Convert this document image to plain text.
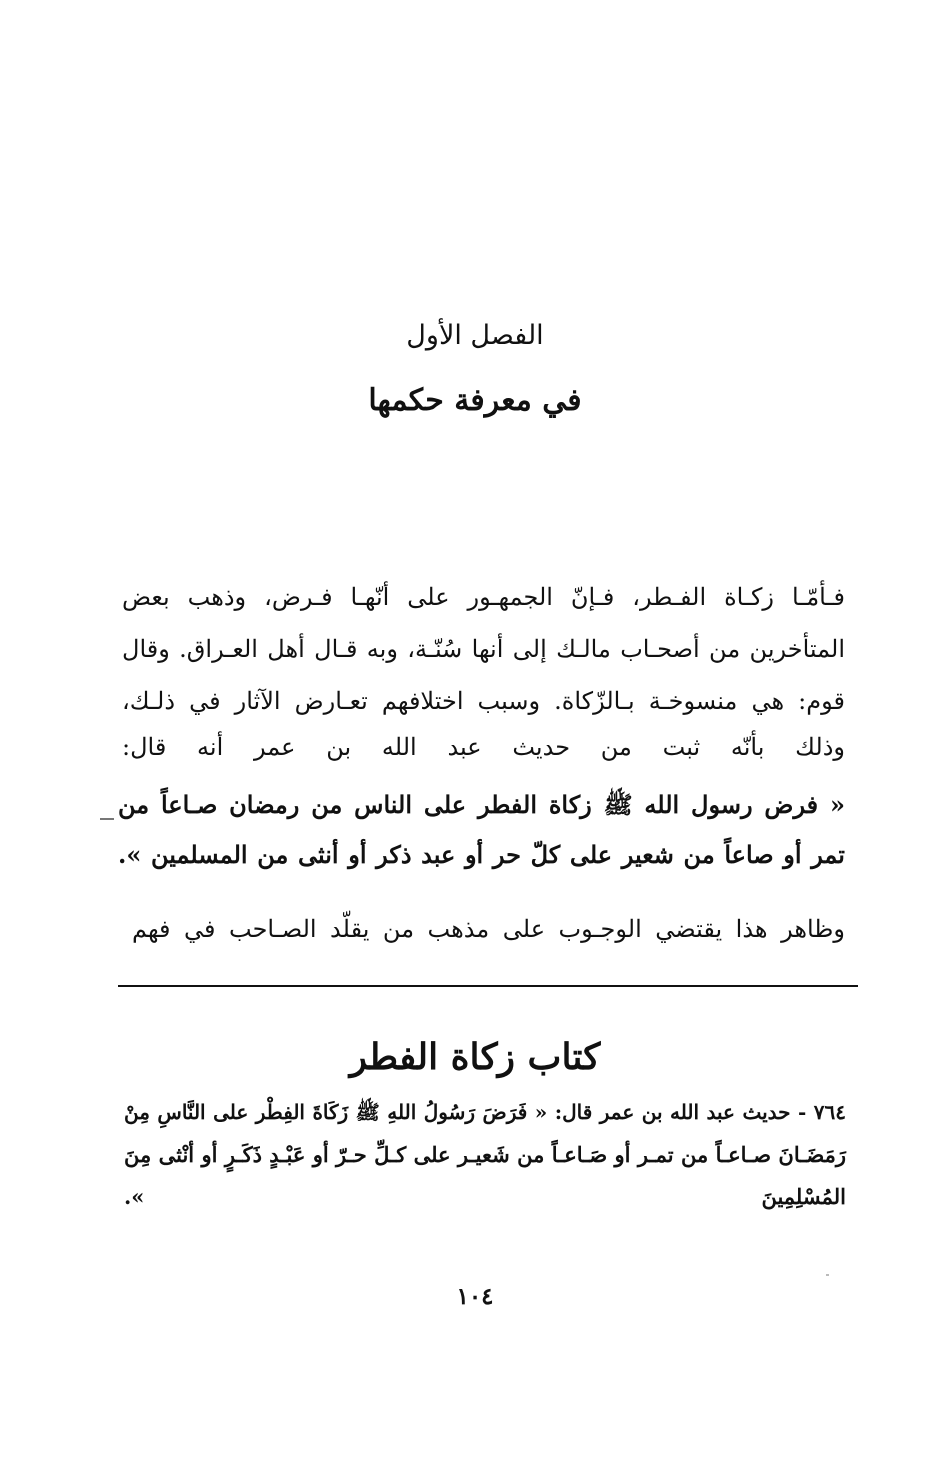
الفصل الأول
في معرفة حكمها
فـأمّـا زكـاة الفـطر، فـإنّ الجمهـور على أنّهـا فـرض، وذهب بعض
المتأخرين من أصحـاب مالـك إلى أنها سُنّـة، وبه قـال أهل العـراق. وقال
قوم: هي منسوخـة بـالزّكاة. وسبب اختلافهم تعـارض الآثار في ذلـك،
وذلك بأنّه ثبت من حديث عبد الله بن عمر أنه قال:
« فرض رسول الله ﷺ زكاة الفطر على الناس من رمضان صـاعاً من
تمر أو صاعاً من شعير على كلّ حر أو عبد ذكر أو أنثى من المسلمين ».
وظاهر هذا يقتضي الوجـوب على مذهب من يقلّد الصـاحب في فهم
كتاب زكاة الفطر
٧٦٤ - حديث عبد الله بن عمر قال: « فَرَضَ رَسُولُ اللهِ ﷺ زَكَاةَ الفِطْر على النَّاسِ مِنْ
رَمَضَـانَ صـاعـاً من تمـر أو صَـاعـاً من شَعيـر على كـلِّ حـرّ أو عَبْـدٍ ذَكَـرٍ أو أنْثى مِنَ
المُسْلِمِينَ ».
١٠٤
